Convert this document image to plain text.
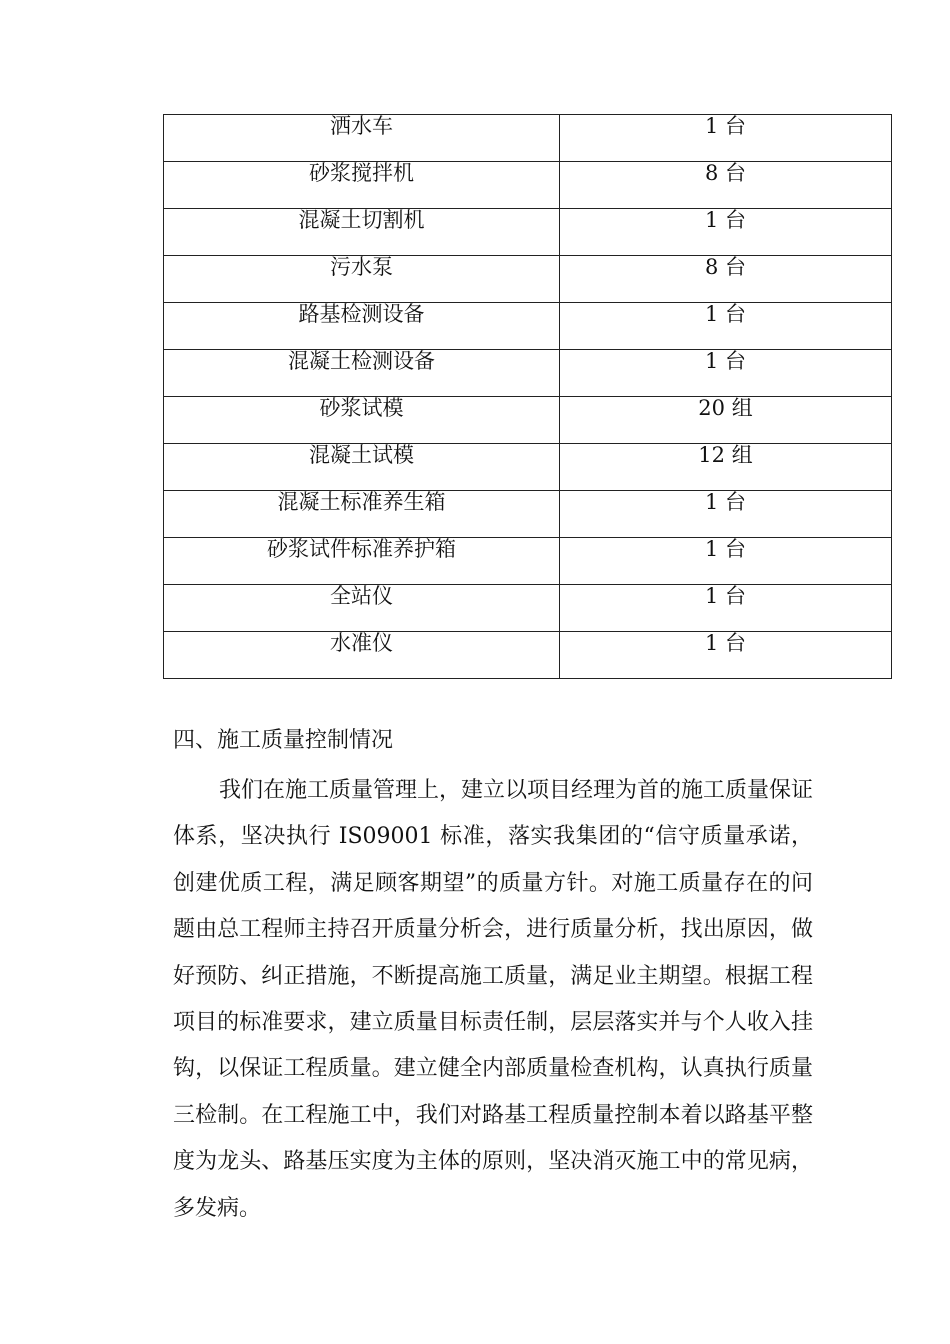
洒水车	1 台

砂浆搅拌机	8 台

混凝土切割机	1 台

污水泵	8 台

路基检测设备	1 台

混凝土检测设备	1 台

砂浆试模	20 组

混凝土试模	12 组

混凝土标准养生箱	1 台

砂浆试件标准养护箱	1 台

全站仪	1 台

水准仪	1 台
四、施工质量控制情况

我们在施工质量管理上，建立以项目经理为首的施工质量保证体系，坚决执行 IS09001 标准，落实我集团的“信守质量承诺，创建优质工程，满足顾客期望”的质量方针。对施工质量存在的问题由总工程师主持召开质量分析会，进行质量分析，找出原因，做好预防、纠正措施，不断提高施工质量，满足业主期望。根据工程项目的标准要求，建立质量目标责任制，层层落实并与个人收入挂钩，以保证工程质量。建立健全内部质量检查机构，认真执行质量三检制。在工程施工中，我们对路基工程质量控制本着以路基平整度为龙头、路基压实度为主体的原则，坚决消灭施工中的常见病，多发病。
